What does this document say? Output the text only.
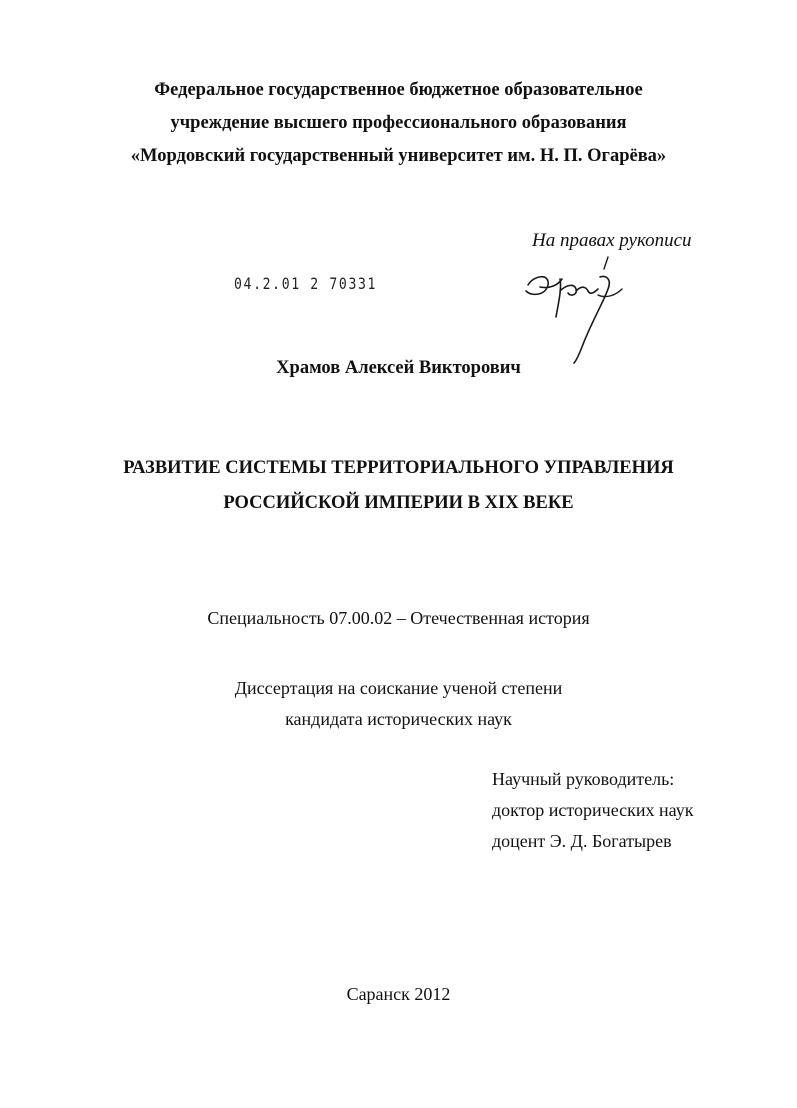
Федеральное государственное бюджетное образовательное
учреждение высшего профессионального образования
«Мордовский государственный университет им. Н. П. Огарёва»
На правах рукописи
04.2.01 2 70331
Храмов Алексей Викторович
РАЗВИТИЕ СИСТЕМЫ ТЕРРИТОРИАЛЬНОГО УПРАВЛЕНИЯ
РОССИЙСКОЙ ИМПЕРИИ В XIX ВЕКЕ
Специальность 07.00.02 – Отечественная история
Диссертация на соискание ученой степени
кандидата исторических наук
Научный руководитель:
доктор исторических наук
доцент Э. Д. Богатырев
Саранск 2012
